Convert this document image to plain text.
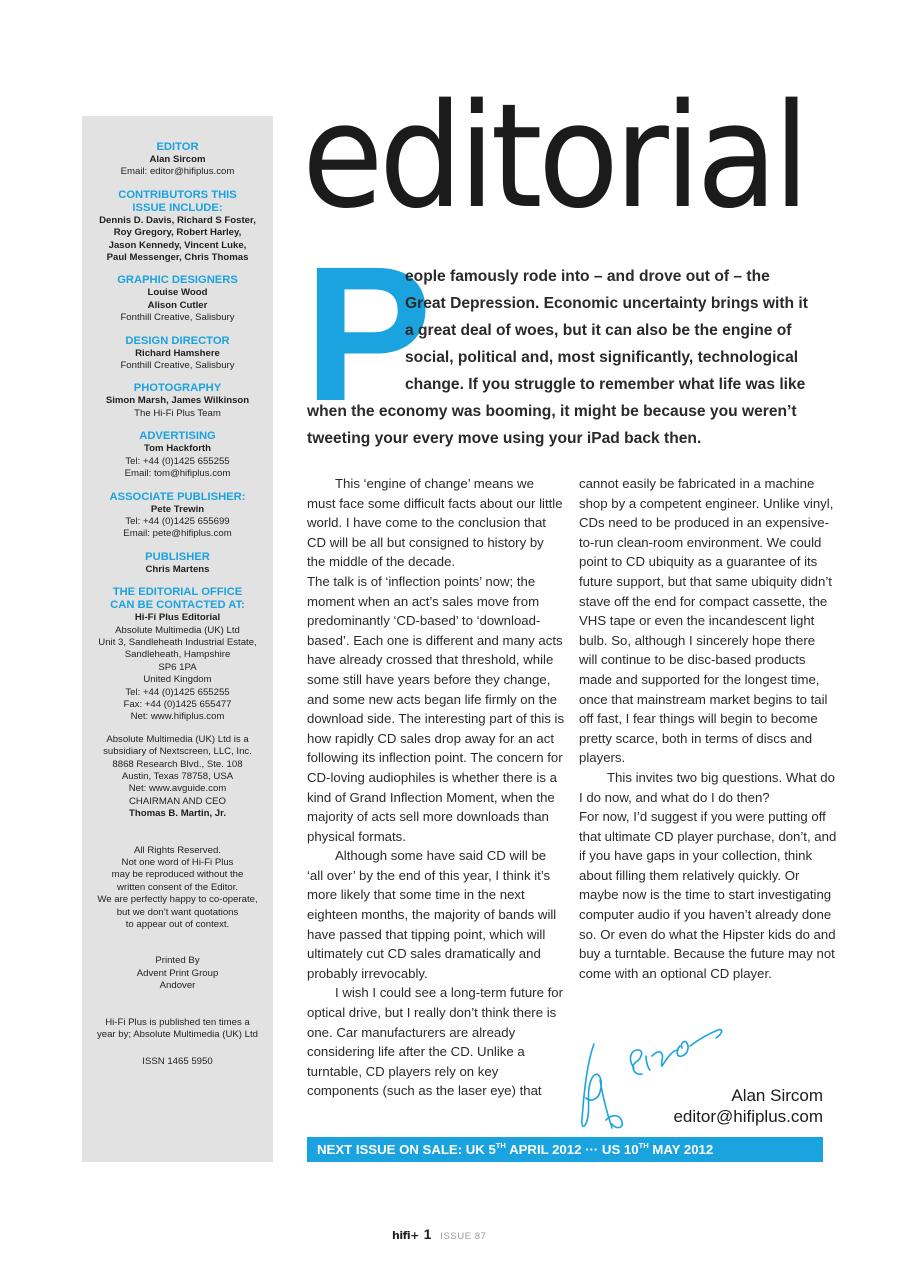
EDITOR
Alan Sircom
Email: editor@hifiplus.com
CONTRIBUTORS THIS
ISSUE INCLUDE:
Dennis D. Davis, Richard S Foster,
Roy Gregory, Robert Harley,
Jason Kennedy, Vincent Luke,
Paul Messenger, Chris Thomas
GRAPHIC DESIGNERS
Louise Wood
Alison Cutler
Fonthill Creative, Salisbury
DESIGN DIRECTOR
Richard Hamshere
Fonthill Creative, Salisbury
PHOTOGRAPHY
Simon Marsh, James Wilkinson
The Hi-Fi Plus Team
ADVERTISING
Tom Hackforth
Tel: +44 (0)1425 655255
Email: tom@hifiplus.com
ASSOCIATE PUBLISHER:
Pete Trewin
Tel: +44 (0)1425 655699
Email: pete@hifiplus.com
PUBLISHER
Chris Martens
THE EDITORIAL OFFICE
CAN BE CONTACTED AT:
Hi-Fi Plus Editorial
Absolute Multimedia (UK) Ltd
Unit 3, Sandleheath Industrial Estate,
Sandleheath, Hampshire
SP6 1PA
United Kingdom
Tel: +44 (0)1425 655255
Fax: +44 (0)1425 655477
Net: www.hifiplus.com
Absolute Multimedia (UK) Ltd is a
subsidiary of Nextscreen, LLC, Inc.
8868 Research Blvd., Ste. 108
Austin, Texas 78758, USA
Net: www.avguide.com
CHAIRMAN AND CEO
Thomas B. Martin, Jr.
All Rights Reserved.
Not one word of Hi-Fi Plus
may be reproduced without the
written consent of the Editor.
We are perfectly happy to co-operate,
but we don’t want quotations
to appear out of context.
Printed By
Advent Print Group
Andover
Hi-Fi Plus is published ten times a
year by; Absolute Multimedia (UK) Ltd
ISSN 1465 5950
editorial
P
eople famously rode into – and drove out of – the
Great Depression. Economic uncertainty brings with it
a great deal of woes, but it can also be the engine of
social, political and, most significantly, technological
change. If you struggle to remember what life was like
when the economy was booming, it might be because you weren’t
tweeting your every move using your iPad back then.

This ‘engine of change’ means we must face some difficult facts about our little world. I have come to the conclusion that CD will be all but consigned to history by the middle of the decade.

The talk is of ‘inflection points’ now; the moment when an act’s sales move from predominantly ‘CD-based’ to ‘download-based’. Each one is different and many acts have already crossed that threshold, while some still have years before they change, and some new acts began life firmly on the download side. The interesting part of this is how rapidly CD sales drop away for an act following its inflection point. The concern for CD-loving audiophiles is whether there is a kind of Grand Inflection Moment, when the majority of acts sell more downloads than physical formats.

Although some have said CD will be ‘all over’ by the end of this year, I think it’s more likely that some time in the next eighteen months, the majority of bands will have passed that tipping point, which will ultimately cut CD sales dramatically and probably irrevocably.

I wish I could see a long-term future for optical drive, but I really don’t think there is one. Car manufacturers are already considering life after the CD. Unlike a turntable, CD players rely on key components (such as the laser eye) that

cannot easily be fabricated in a machine shop by a competent engineer. Unlike vinyl, CDs need to be produced in an expensive-to-run clean-room environment. We could point to CD ubiquity as a guarantee of its future support, but that same ubiquity didn’t stave off the end for compact cassette, the VHS tape or even the incandescent light bulb. So, although I sincerely hope there will continue to be disc-based products made and supported for the longest time, once that mainstream market begins to tail off fast, I fear things will begin to become pretty scarce, both in terms of discs and players.

This invites two big questions. What do I do now, and what do I do then?

For now, I’d suggest if you were putting off that ultimate CD player purchase, don’t, and if you have gaps in your collection, think about filling them relatively quickly. Or maybe now is the time to start investigating computer audio if you haven’t already done so. Or even do what the Hipster kids do and buy a turntable. Because the future may not come with an optional CD player.

Alan Sircom
editor@hifiplus.com
NEXT ISSUE ON SALE: UK 5TH APRIL 2012 ··· US 10TH MAY 2012
hifi+ 1 ISSUE 87
